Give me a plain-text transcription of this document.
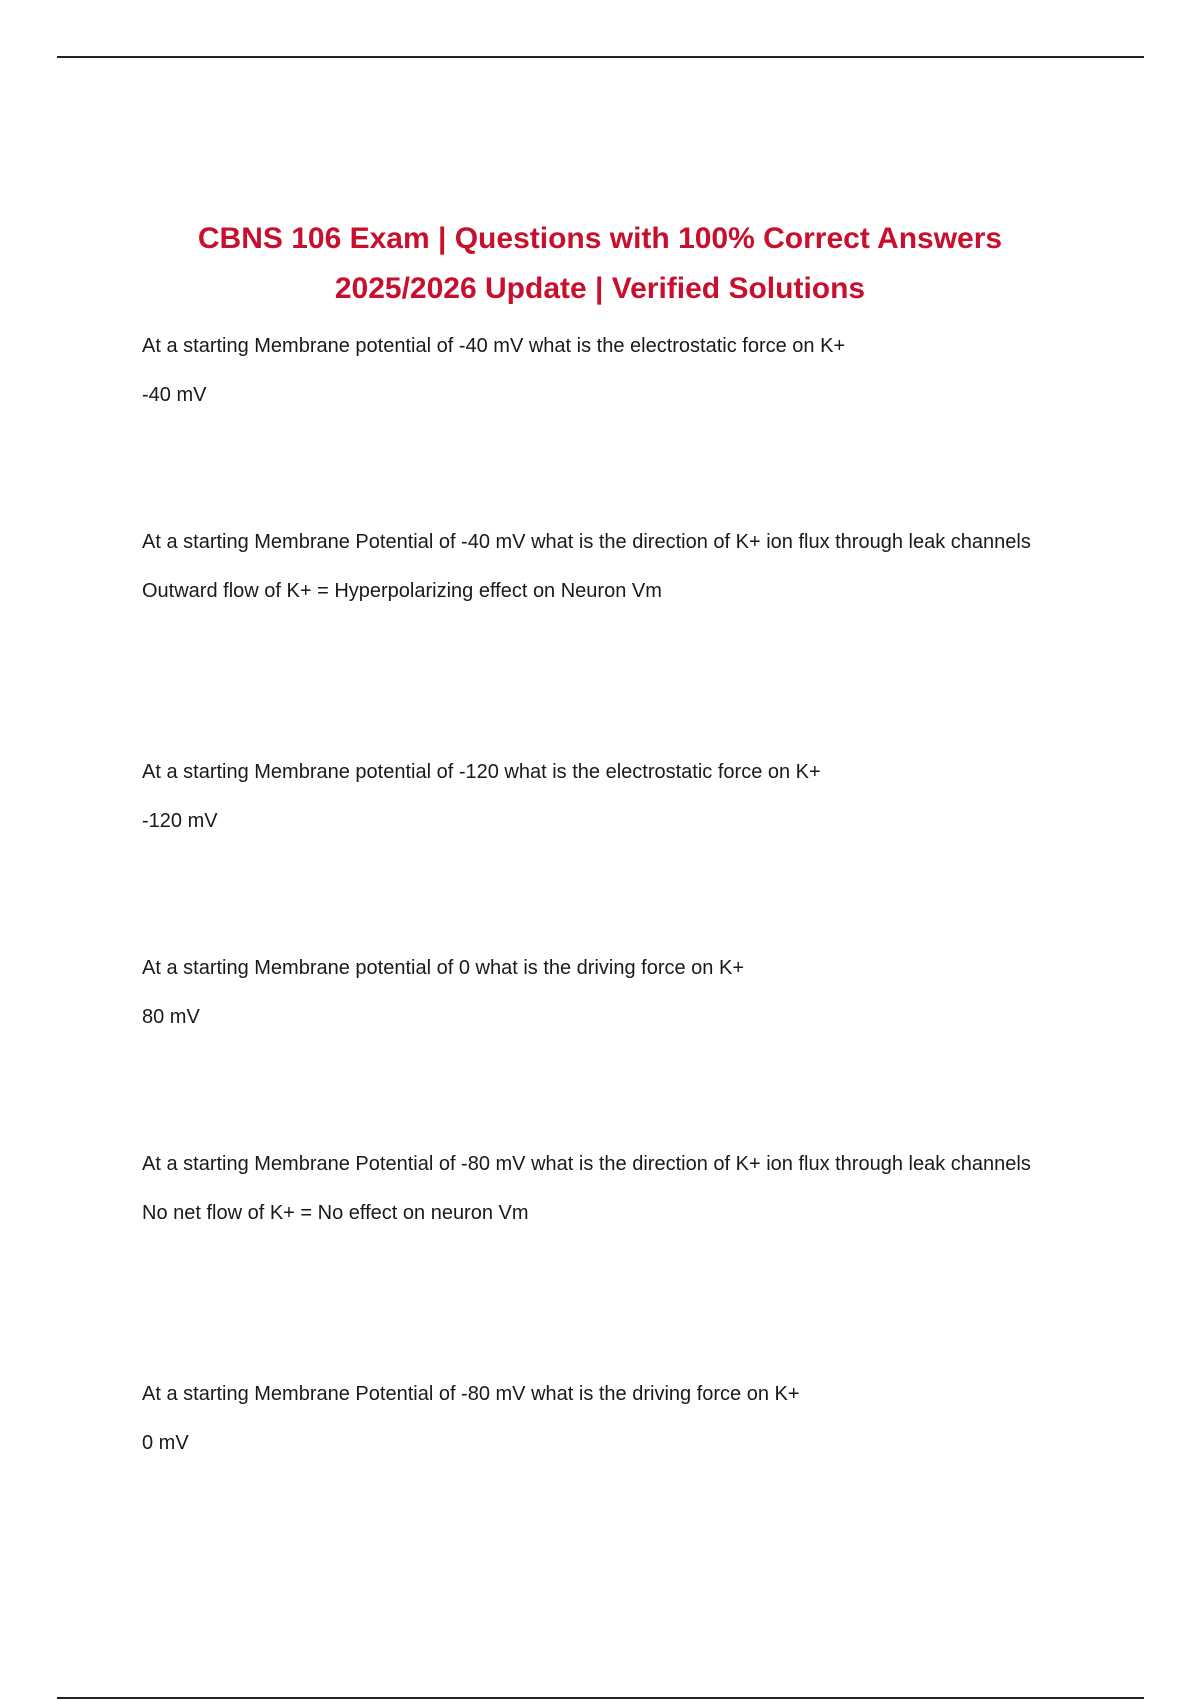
CBNS 106 Exam | Questions with 100% Correct Answers
2025/2026 Update | Verified Solutions

At a starting Membrane potential of -40 mV what is the electrostatic force on K+

-40 mV

At a starting Membrane Potential of -40 mV what is the direction of K+ ion flux through leak channels

Outward flow of K+ = Hyperpolarizing effect on Neuron Vm

At a starting Membrane potential of -120 what is the electrostatic force on K+

-120 mV

At a starting Membrane potential of 0 what is the driving force on K+

80 mV

At a starting Membrane Potential of -80 mV what is the direction of K+ ion flux through leak channels

No net flow of K+ = No effect on neuron Vm

At a starting Membrane Potential of -80 mV what is the driving force on K+

0 mV
